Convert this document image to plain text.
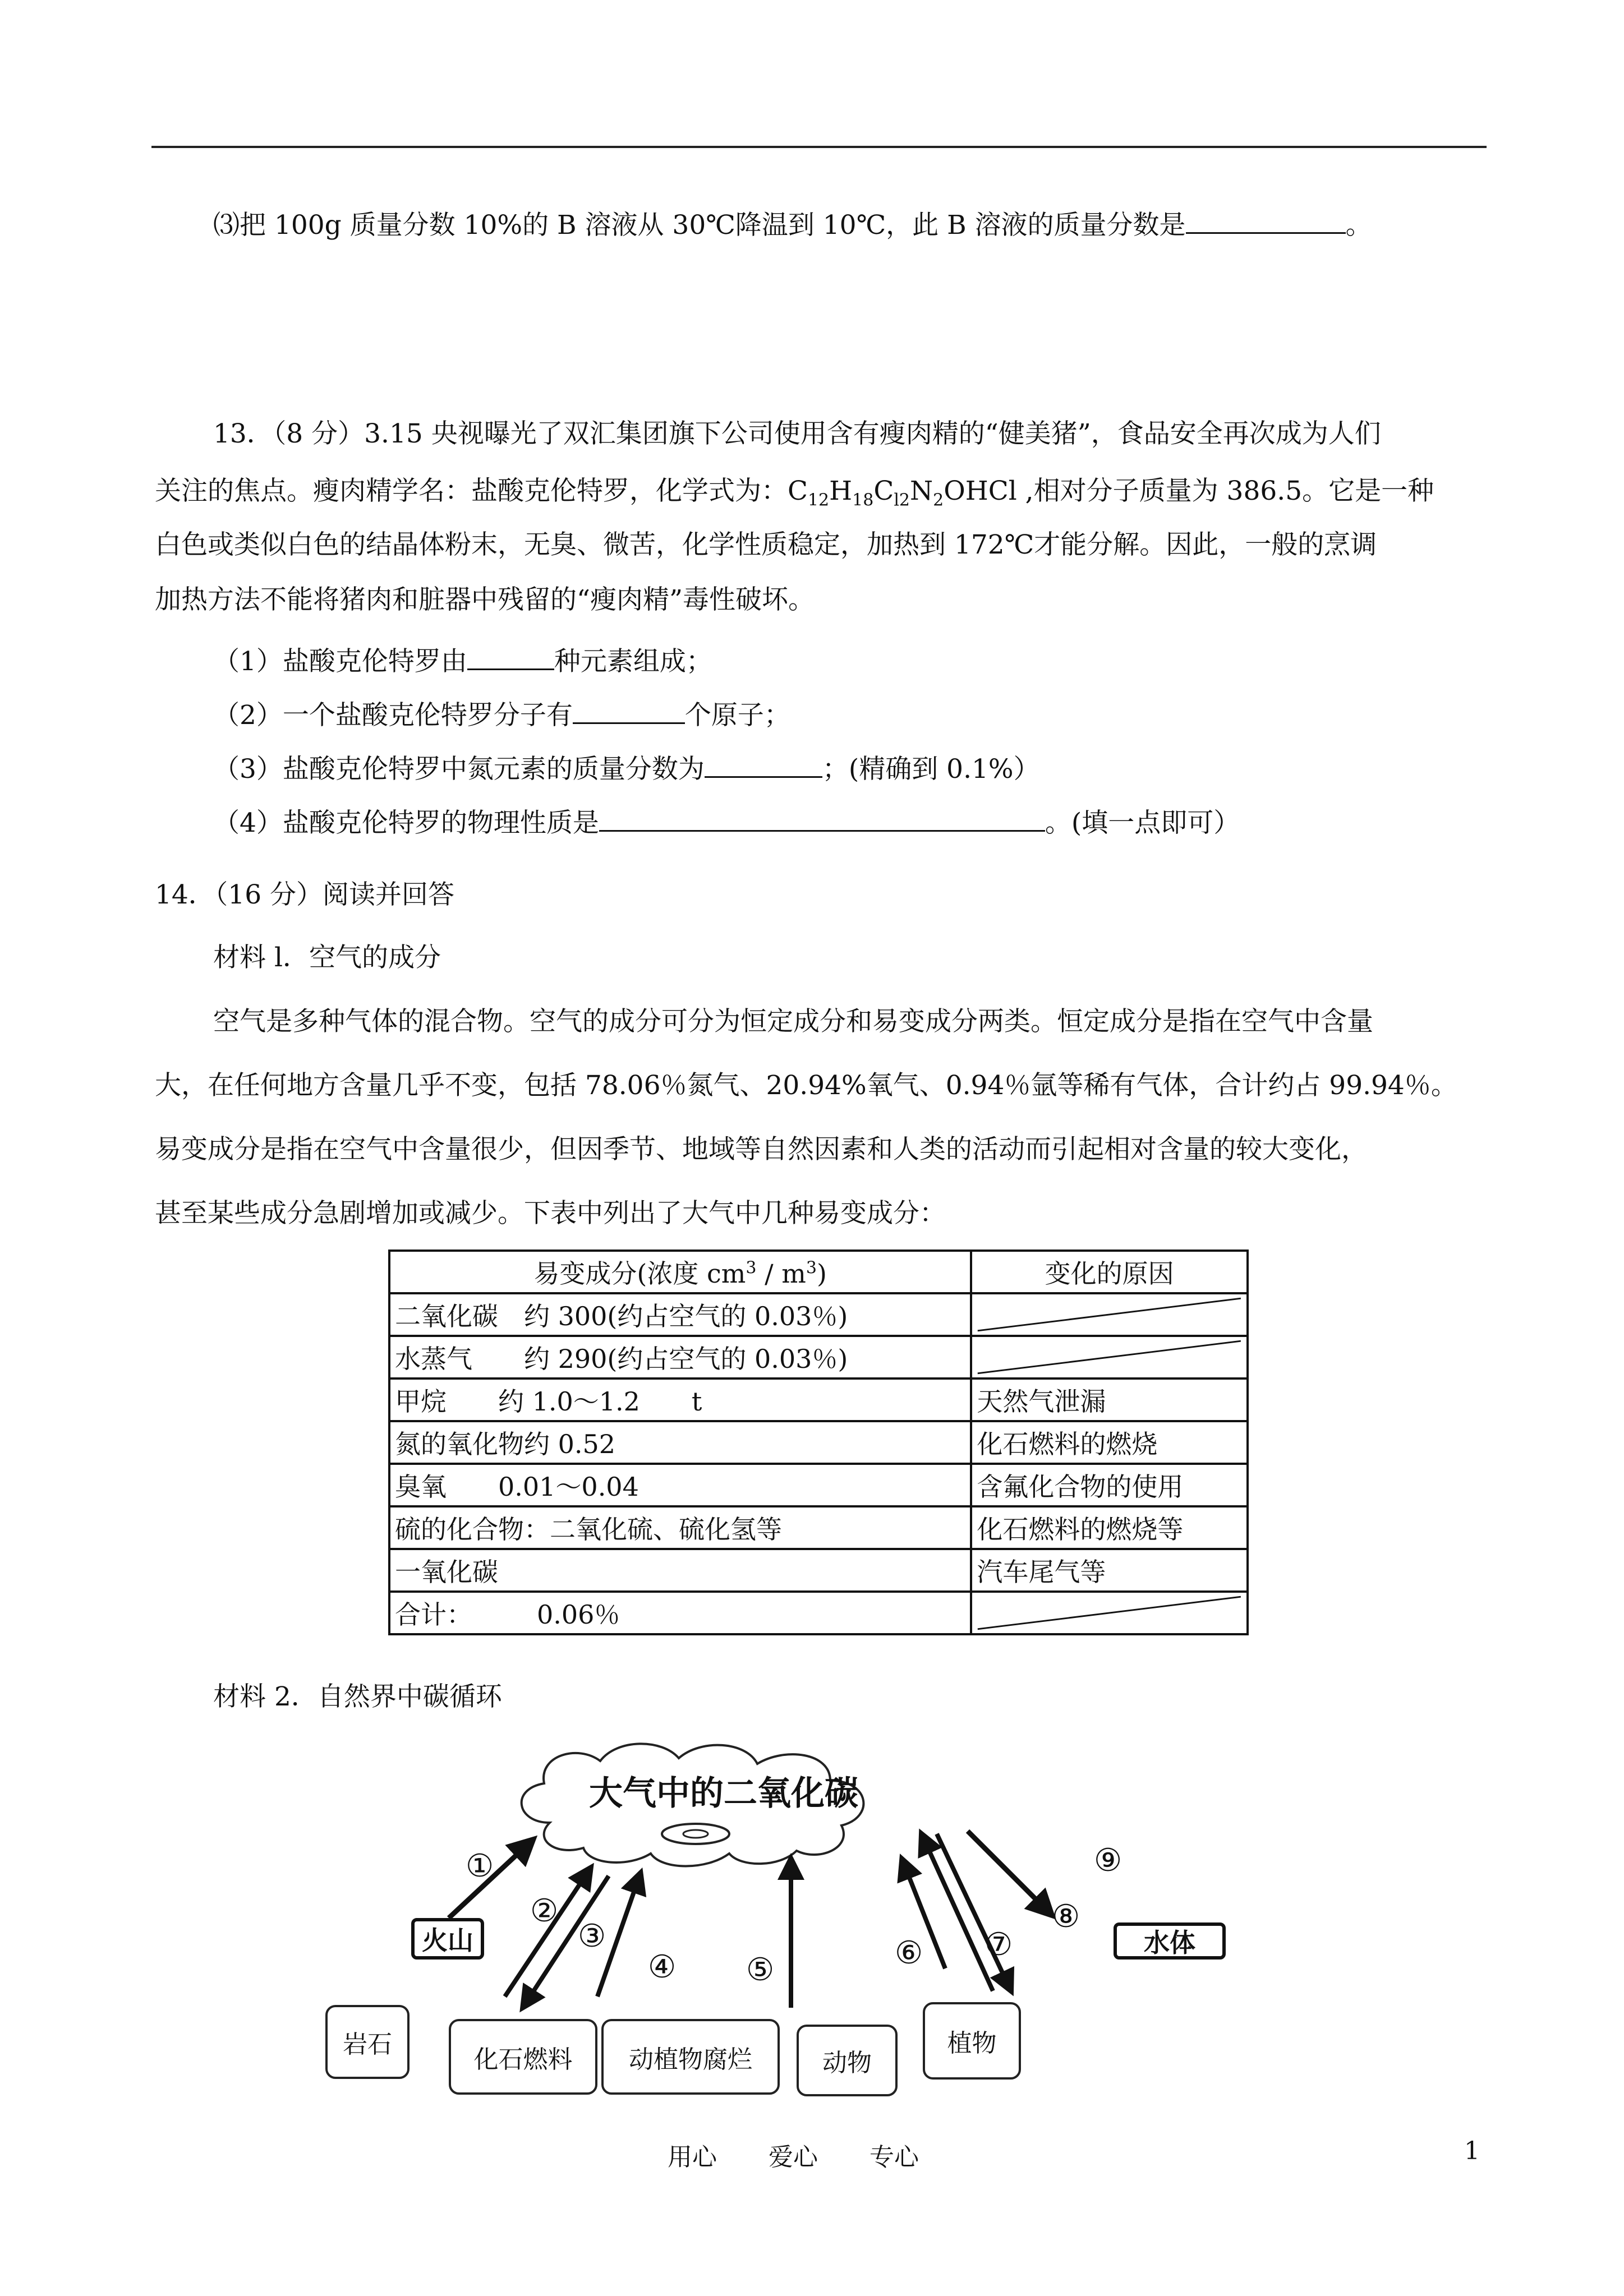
⑶把 100g 质量分数 10%的 B 溶液从 30℃降温到 10℃，此 B 溶液的质量分数是	。
13．（8 分）3.15 央视曝光了双汇集团旗下公司使用含有瘦肉精的“健美猪”，食品安全再次成为人们
关注的焦点。瘦肉精学名：盐酸克伦特罗，化学式为：$C_{12}H_{18}C_{l2}N_2OHCl$ ,相对分子质量为 386.5。它是一种
白色或类似白色的结晶体粉末，无臭、微苦，化学性质稳定，加热到 172℃才能分解。因此，一般的烹调
加热方法不能将猪肉和脏器中残留的“瘦肉精”毒性破坏。
（1）盐酸克伦特罗由	种元素组成；
（2）一个盐酸克伦特罗分子有	个原子；
（3）盐酸克伦特罗中氮元素的质量分数为	；(精确到 0.1%）
（4）盐酸克伦特罗的物理性质是	。(填一点即可）
14．（16 分）阅读并回答
材料 l．空气的成分
空气是多种气体的混合物。空气的成分可分为恒定成分和易变成分两类。恒定成分是指在空气中含量
大，在任何地方含量几乎不变，包括 78.06％氮气、20.94%氧气、0.94％氩等稀有气体，合计约占 99.94％。
易变成分是指在空气中含量很少，但因季节、地域等自然因素和人类的活动而引起相对含量的较大变化，
甚至某些成分急剧增加或减少。下表中列出了大气中几种易变成分：
易变成分(浓度 $cm^3 / m^3$)	变化的原因
二氧化碳　约 300(约占空气的 0.03％)	

水蒸气　　约 290(约占空气的 0.03％)	

甲烷　　约 1.0～1.2　　t	天然气泄漏
氮的氧化物约 0.52	化石燃料的燃烧
臭氧　　0.01～0.04	含氟化合物的使用
硫的化合物：二氧化硫、硫化氢等	化石燃料的燃烧等
一氧化碳	汽车尾气等
合计：　　　0.06％	
材料 2．自然界中碳循环
大气中的二氧化碳
①
②
③
④ ⑤	⑥ ⑦
⑧
⑨
火山	水体
岩石
化石燃料	动植物腐烂	动物
植物
用心 爱心 专心	1
